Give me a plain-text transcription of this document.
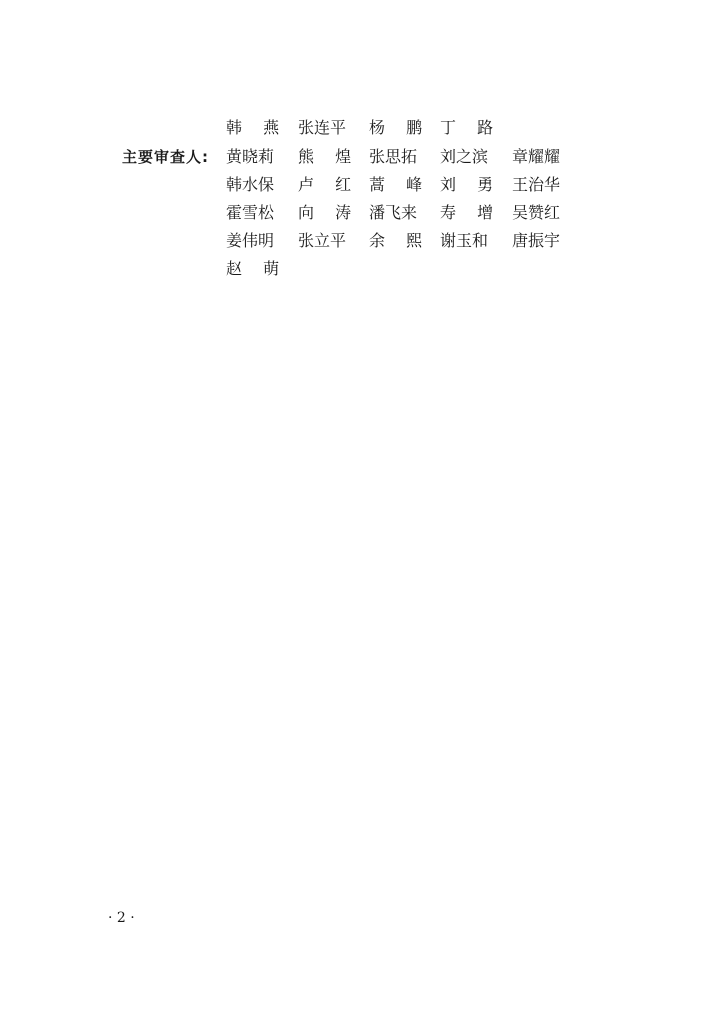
主要审查人:
韩 燕 张连平 杨 鹏 丁 路
黄晓莉 熊 煌 张思拓 刘之滨 章耀耀
韩水保 卢 红 蒿 峰 刘 勇 王治华
霍雪松 向 涛 潘飞来 寿 增 吴赞红
姜伟明 张立平 余 熙 谢玉和 唐振宇
赵 萌
· 2 ·
